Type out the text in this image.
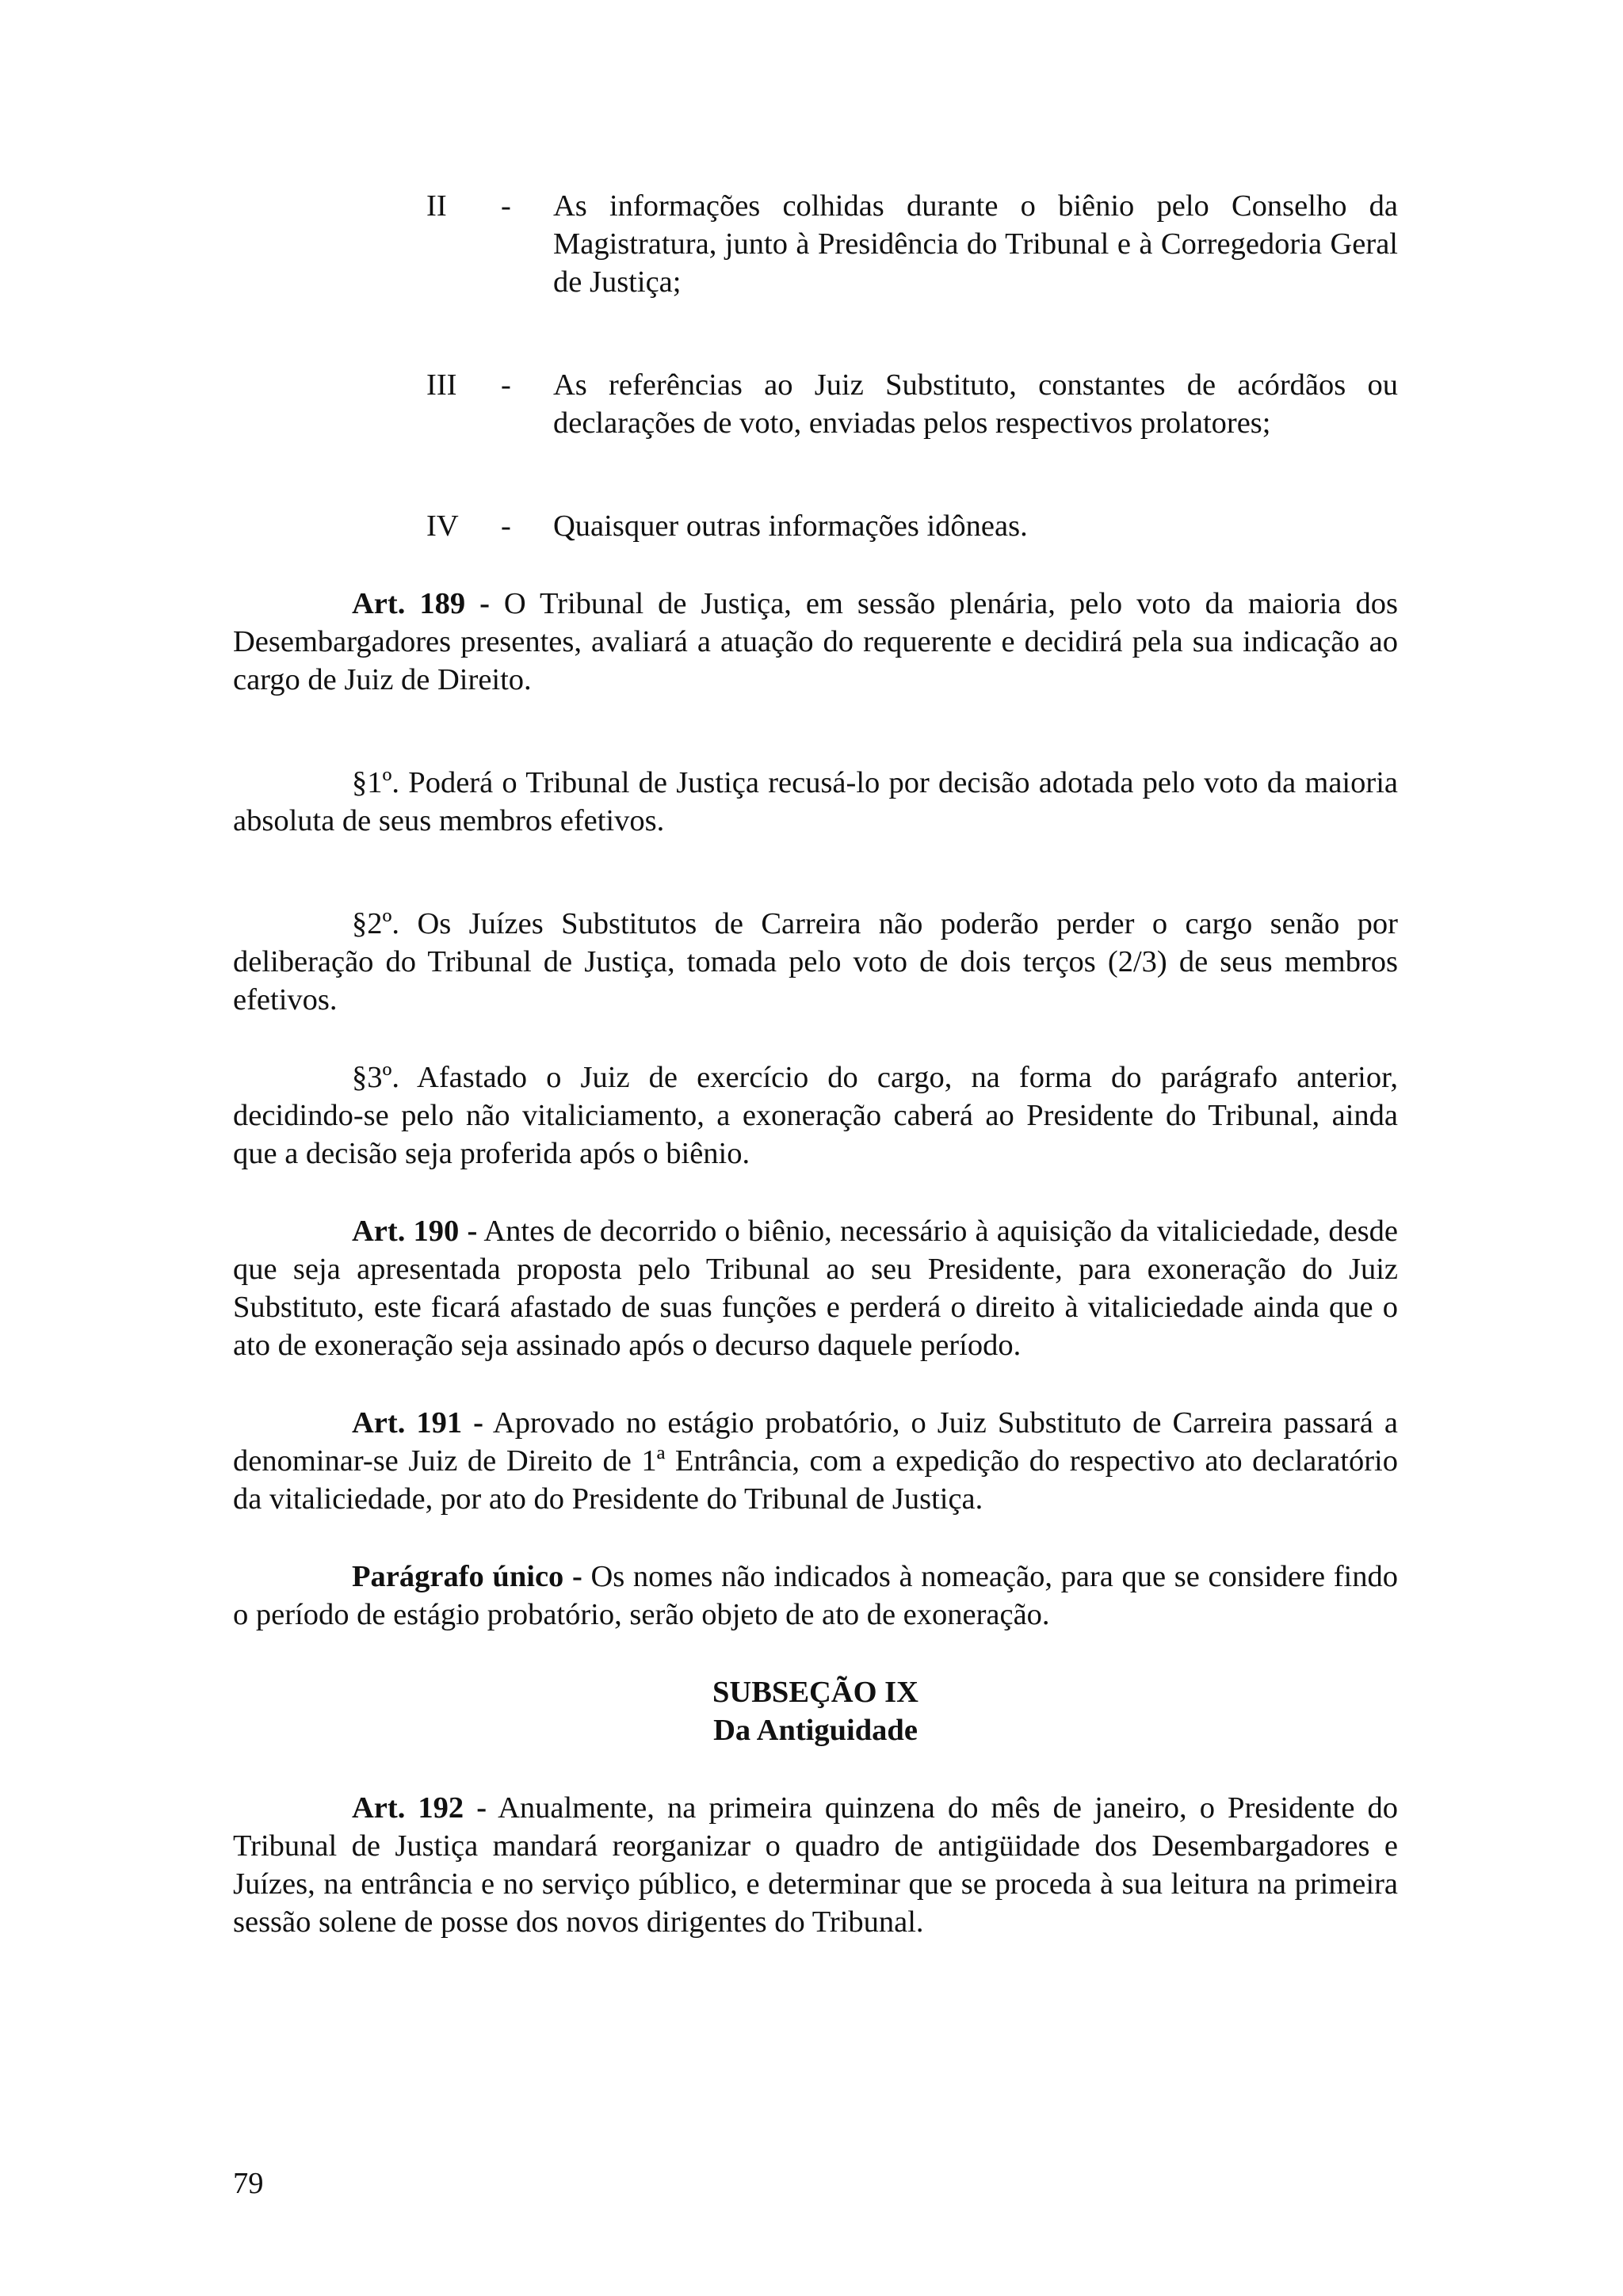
II	-	As informações colhidas durante o biênio pelo Conselho da Magistratura, junto à Presidência do Tribunal e à Corregedoria Geral de Justiça;
III	-	As referências ao Juiz Substituto, constantes de acórdãos ou declarações de voto, enviadas pelos respectivos prolatores;
IV	-	Quaisquer outras informações idôneas.

Art. 189 - O Tribunal de Justiça, em sessão plenária, pelo voto da maioria dos Desembargadores presentes, avaliará a atuação do requerente e decidirá pela sua indicação ao cargo de Juiz de Direito.

§1º. Poderá o Tribunal de Justiça recusá-lo por decisão adotada pelo voto da maioria absoluta de seus membros efetivos.

§2º. Os Juízes Substitutos de Carreira não poderão perder o cargo senão por deliberação do Tribunal de Justiça, tomada pelo voto de dois terços (2/3) de seus membros efetivos.

§3º. Afastado o Juiz de exercício do cargo, na forma do parágrafo anterior, decidindo-se pelo não vitaliciamento, a exoneração caberá ao Presidente do Tribunal, ainda que a decisão seja proferida após o biênio.

Art. 190 - Antes de decorrido o biênio, necessário à aquisição da vitaliciedade, desde que seja apresentada proposta pelo Tribunal ao seu Presidente, para exoneração do Juiz Substituto, este ficará afastado de suas funções e perderá o direito à vitaliciedade ainda que o ato de exoneração seja assinado após o decurso daquele período.

Art. 191 - Aprovado no estágio probatório, o Juiz Substituto de Carreira passará a denominar-se Juiz de Direito de 1ª Entrância, com a expedição do respectivo ato declaratório da vitaliciedade, por ato do Presidente do Tribunal de Justiça.

Parágrafo único - Os nomes não indicados à nomeação, para que se considere findo o período de estágio probatório, serão objeto de ato de exoneração.

SUBSEÇÃO IX

Da Antiguidade

Art. 192 - Anualmente, na primeira quinzena do mês de janeiro, o Presidente do Tribunal de Justiça mandará reorganizar o quadro de antigüidade dos Desembargadores e Juízes, na entrância e no serviço público, e determinar que se proceda à sua leitura na primeira sessão solene de posse dos novos dirigentes do Tribunal.

79
